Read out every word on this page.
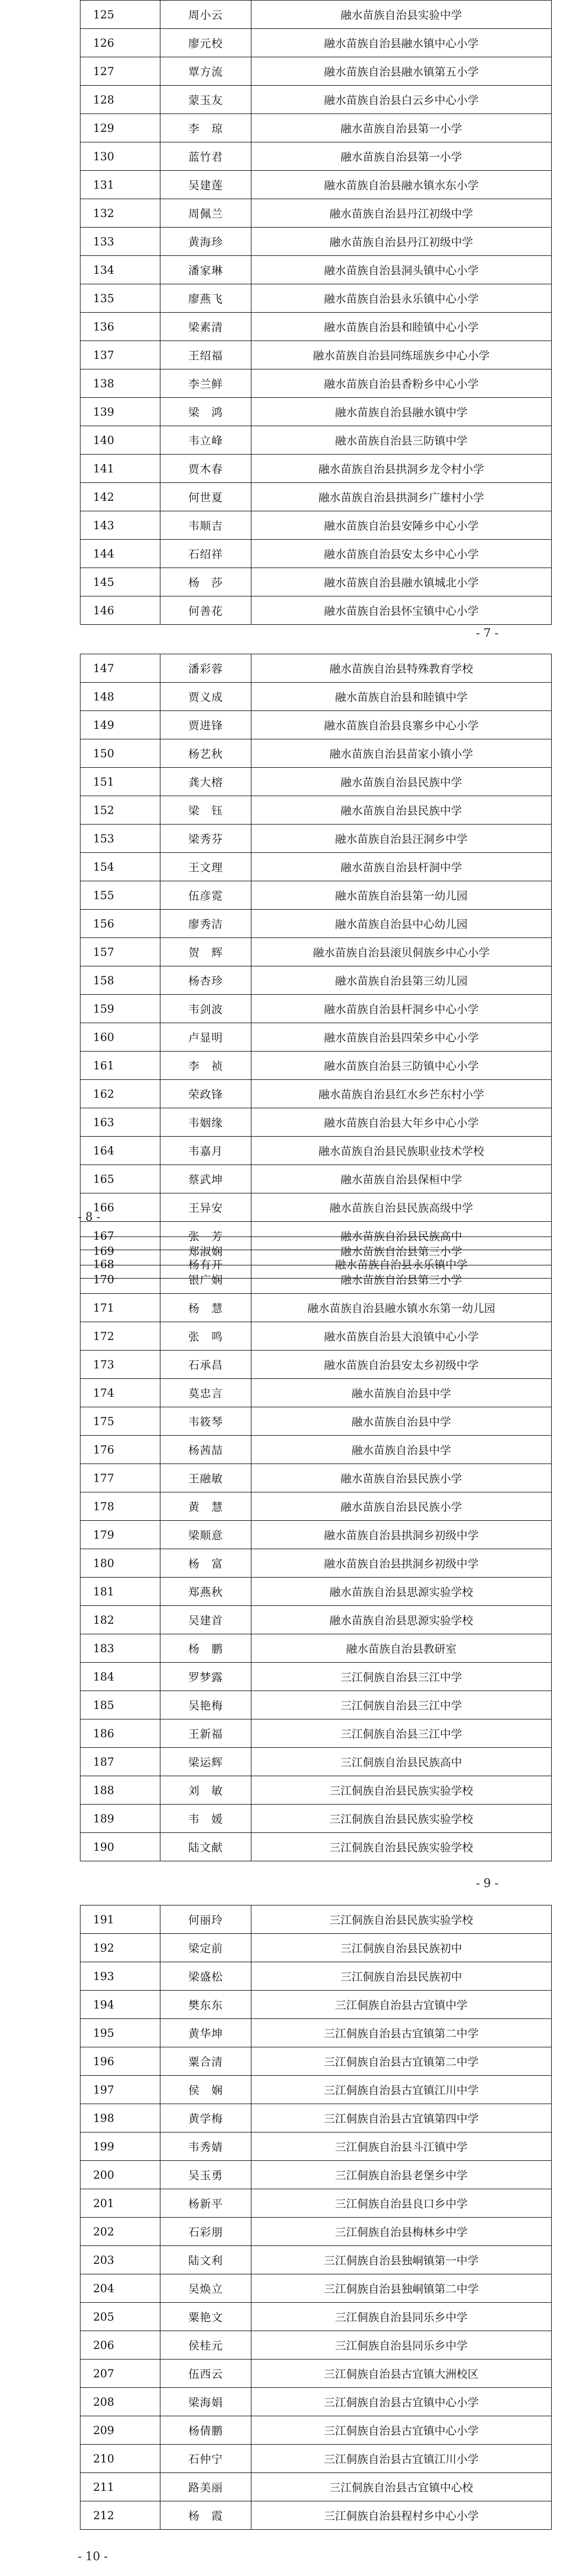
125	周小云	融水苗族自治县实验中学
126	廖元校	融水苗族自治县融水镇中心小学
127	覃方流	融水苗族自治县融水镇第五小学
128	蒙玉友	融水苗族自治县白云乡中心小学
129	李　琼	融水苗族自治县第一小学
130	蓝竹君	融水苗族自治县第一小学
131	吴建莲	融水苗族自治县融水镇水东小学
132	周佩兰	融水苗族自治县丹江初级中学
133	黄海珍	融水苗族自治县丹江初级中学
134	潘家琳	融水苗族自治县洞头镇中心小学
135	廖燕飞	融水苗族自治县永乐镇中心小学
136	梁素清	融水苗族自治县和睦镇中心小学
137	王绍福	融水苗族自治县同练瑶族乡中心小学
138	李兰鲜	融水苗族自治县香粉乡中心小学
139	梁　鸿	融水苗族自治县融水镇中学
140	韦立峰	融水苗族自治县三防镇中学
141	贾木春	融水苗族自治县拱洞乡龙令村小学
142	何世夏	融水苗族自治县拱洞乡广雄村小学
143	韦顺吉	融水苗族自治县安陲乡中心小学
144	石绍祥	融水苗族自治县安太乡中心小学
145	杨　莎	融水苗族自治县融水镇城北小学
146	何善花	融水苗族自治县怀宝镇中心小学
- 7 -
147	潘彩蓉	融水苗族自治县特殊教育学校
148	贾义成	融水苗族自治县和睦镇中学
149	贾进锋	融水苗族自治县良寨乡中心小学
150	杨艺秋	融水苗族自治县苗家小镇小学
151	龚大榕	融水苗族自治县民族中学
152	梁　钰	融水苗族自治县民族中学
153	梁秀芬	融水苗族自治县汪洞乡中学
154	王文理	融水苗族自治县杆洞中学
155	伍彦霓	融水苗族自治县第一幼儿园
156	廖秀洁	融水苗族自治县中心幼儿园
157	贺　辉	融水苗族自治县滚贝侗族乡中心小学
158	杨杏珍	融水苗族自治县第三幼儿园
159	韦剑波	融水苗族自治县杆洞乡中心小学
160	卢显明	融水苗族自治县四荣乡中心小学
161	李　祯	融水苗族自治县三防镇中心小学
162	荣政锋	融水苗族自治县红水乡芒东村小学
163	韦姻缘	融水苗族自治县大年乡中心小学
164	韦嘉月	融水苗族自治县民族职业技术学校
165	蔡武坤	融水苗族自治县保桓中学
166	王异安	融水苗族自治县民族高级中学
167	张　芳	融水苗族自治县民族高中
168	杨有开	融水苗族自治县永乐镇中学
- 8 -
169	郑淑娴	融水苗族自治县第三小学
170	银广娴	融水苗族自治县第三小学
171	杨　慧	融水苗族自治县融水镇水东第一幼儿园
172	张　鸣	融水苗族自治县大浪镇中心小学
173	石承昌	融水苗族自治县安太乡初级中学
174	莫忠言	融水苗族自治县中学
175	韦筱琴	融水苗族自治县中学
176	杨茜喆	融水苗族自治县中学
177	王融敏	融水苗族自治县民族小学
178	黄　慧	融水苗族自治县民族小学
179	梁顺意	融水苗族自治县拱洞乡初级中学
180	杨　富	融水苗族自治县拱洞乡初级中学
181	郑燕秋	融水苗族自治县思源实验学校
182	吴建首	融水苗族自治县思源实验学校
183	杨　鹏	融水苗族自治县教研室
184	罗梦露	三江侗族自治县三江中学
185	吴艳梅	三江侗族自治县三江中学
186	王新福	三江侗族自治县三江中学
187	梁运辉	三江侗族自治县民族高中
188	刘　敏	三江侗族自治县民族实验学校
189	韦　媛	三江侗族自治县民族实验学校
190	陆文献	三江侗族自治县民族实验学校
- 9 -
191	何丽玲	三江侗族自治县民族实验学校
192	梁定前	三江侗族自治县民族初中
193	梁盛松	三江侗族自治县民族初中
194	樊东东	三江侗族自治县古宜镇中学
195	黄华坤	三江侗族自治县古宜镇第二中学
196	粟合清	三江侗族自治县古宜镇第二中学
197	侯　娴	三江侗族自治县古宜镇江川中学
198	黄学梅	三江侗族自治县古宜镇第四中学
199	韦秀婧	三江侗族自治县斗江镇中学
200	吴玉勇	三江侗族自治县老堡乡中学
201	杨新平	三江侗族自治县良口乡中学
202	石彩朋	三江侗族自治县梅林乡中学
203	陆文利	三江侗族自治县独峒镇第一中学
204	吴焕立	三江侗族自治县独峒镇第二中学
205	粟艳文	三江侗族自治县同乐乡中学
206	侯桂元	三江侗族自治县同乐乡中学
207	伍西云	三江侗族自治县古宜镇大洲校区
208	梁海娟	三江侗族自治县古宜镇中心小学
209	杨倩鹏	三江侗族自治县古宜镇中心小学
210	石仲宁	三江侗族自治县古宜镇江川小学
211	路美丽	三江侗族自治县古宜镇中心校
212	杨　霞	三江侗族自治县程村乡中心小学
- 10 -
